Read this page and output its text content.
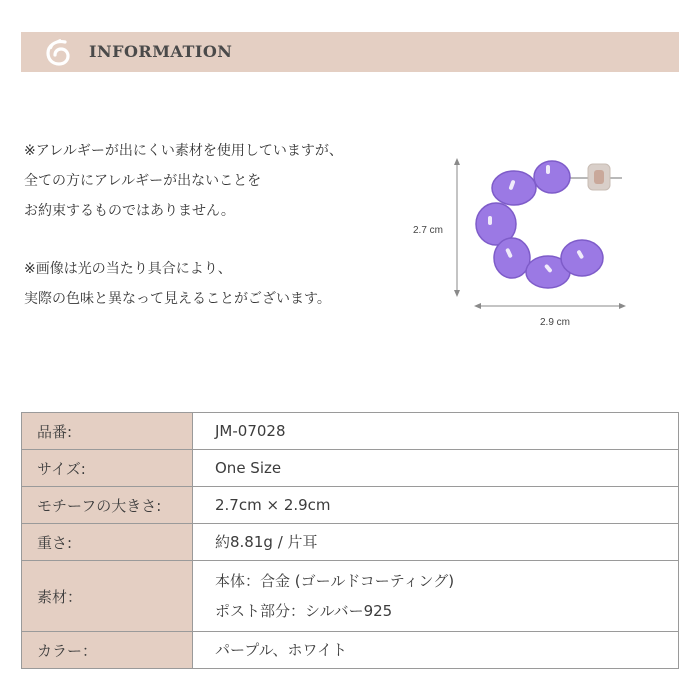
INFORMATION
※アレルギーが出にくい素材を使用していますが、
全ての方にアレルギーが出ないことを
お約束するものではありません。
※画像は光の当たり具合により、
実際の色味と異なって見えることがございます。
2.7 cm
2.9 cm
品番:	JM-07028

サイズ:	One Size

モチーフの大きさ:	2.7cm × 2.9cm

重さ:	約8.81g / 片耳

素材：	本体：合金 (ゴールドコーティング)
ポスト部分：シルバー925

カラー：	パープル、ホワイト
